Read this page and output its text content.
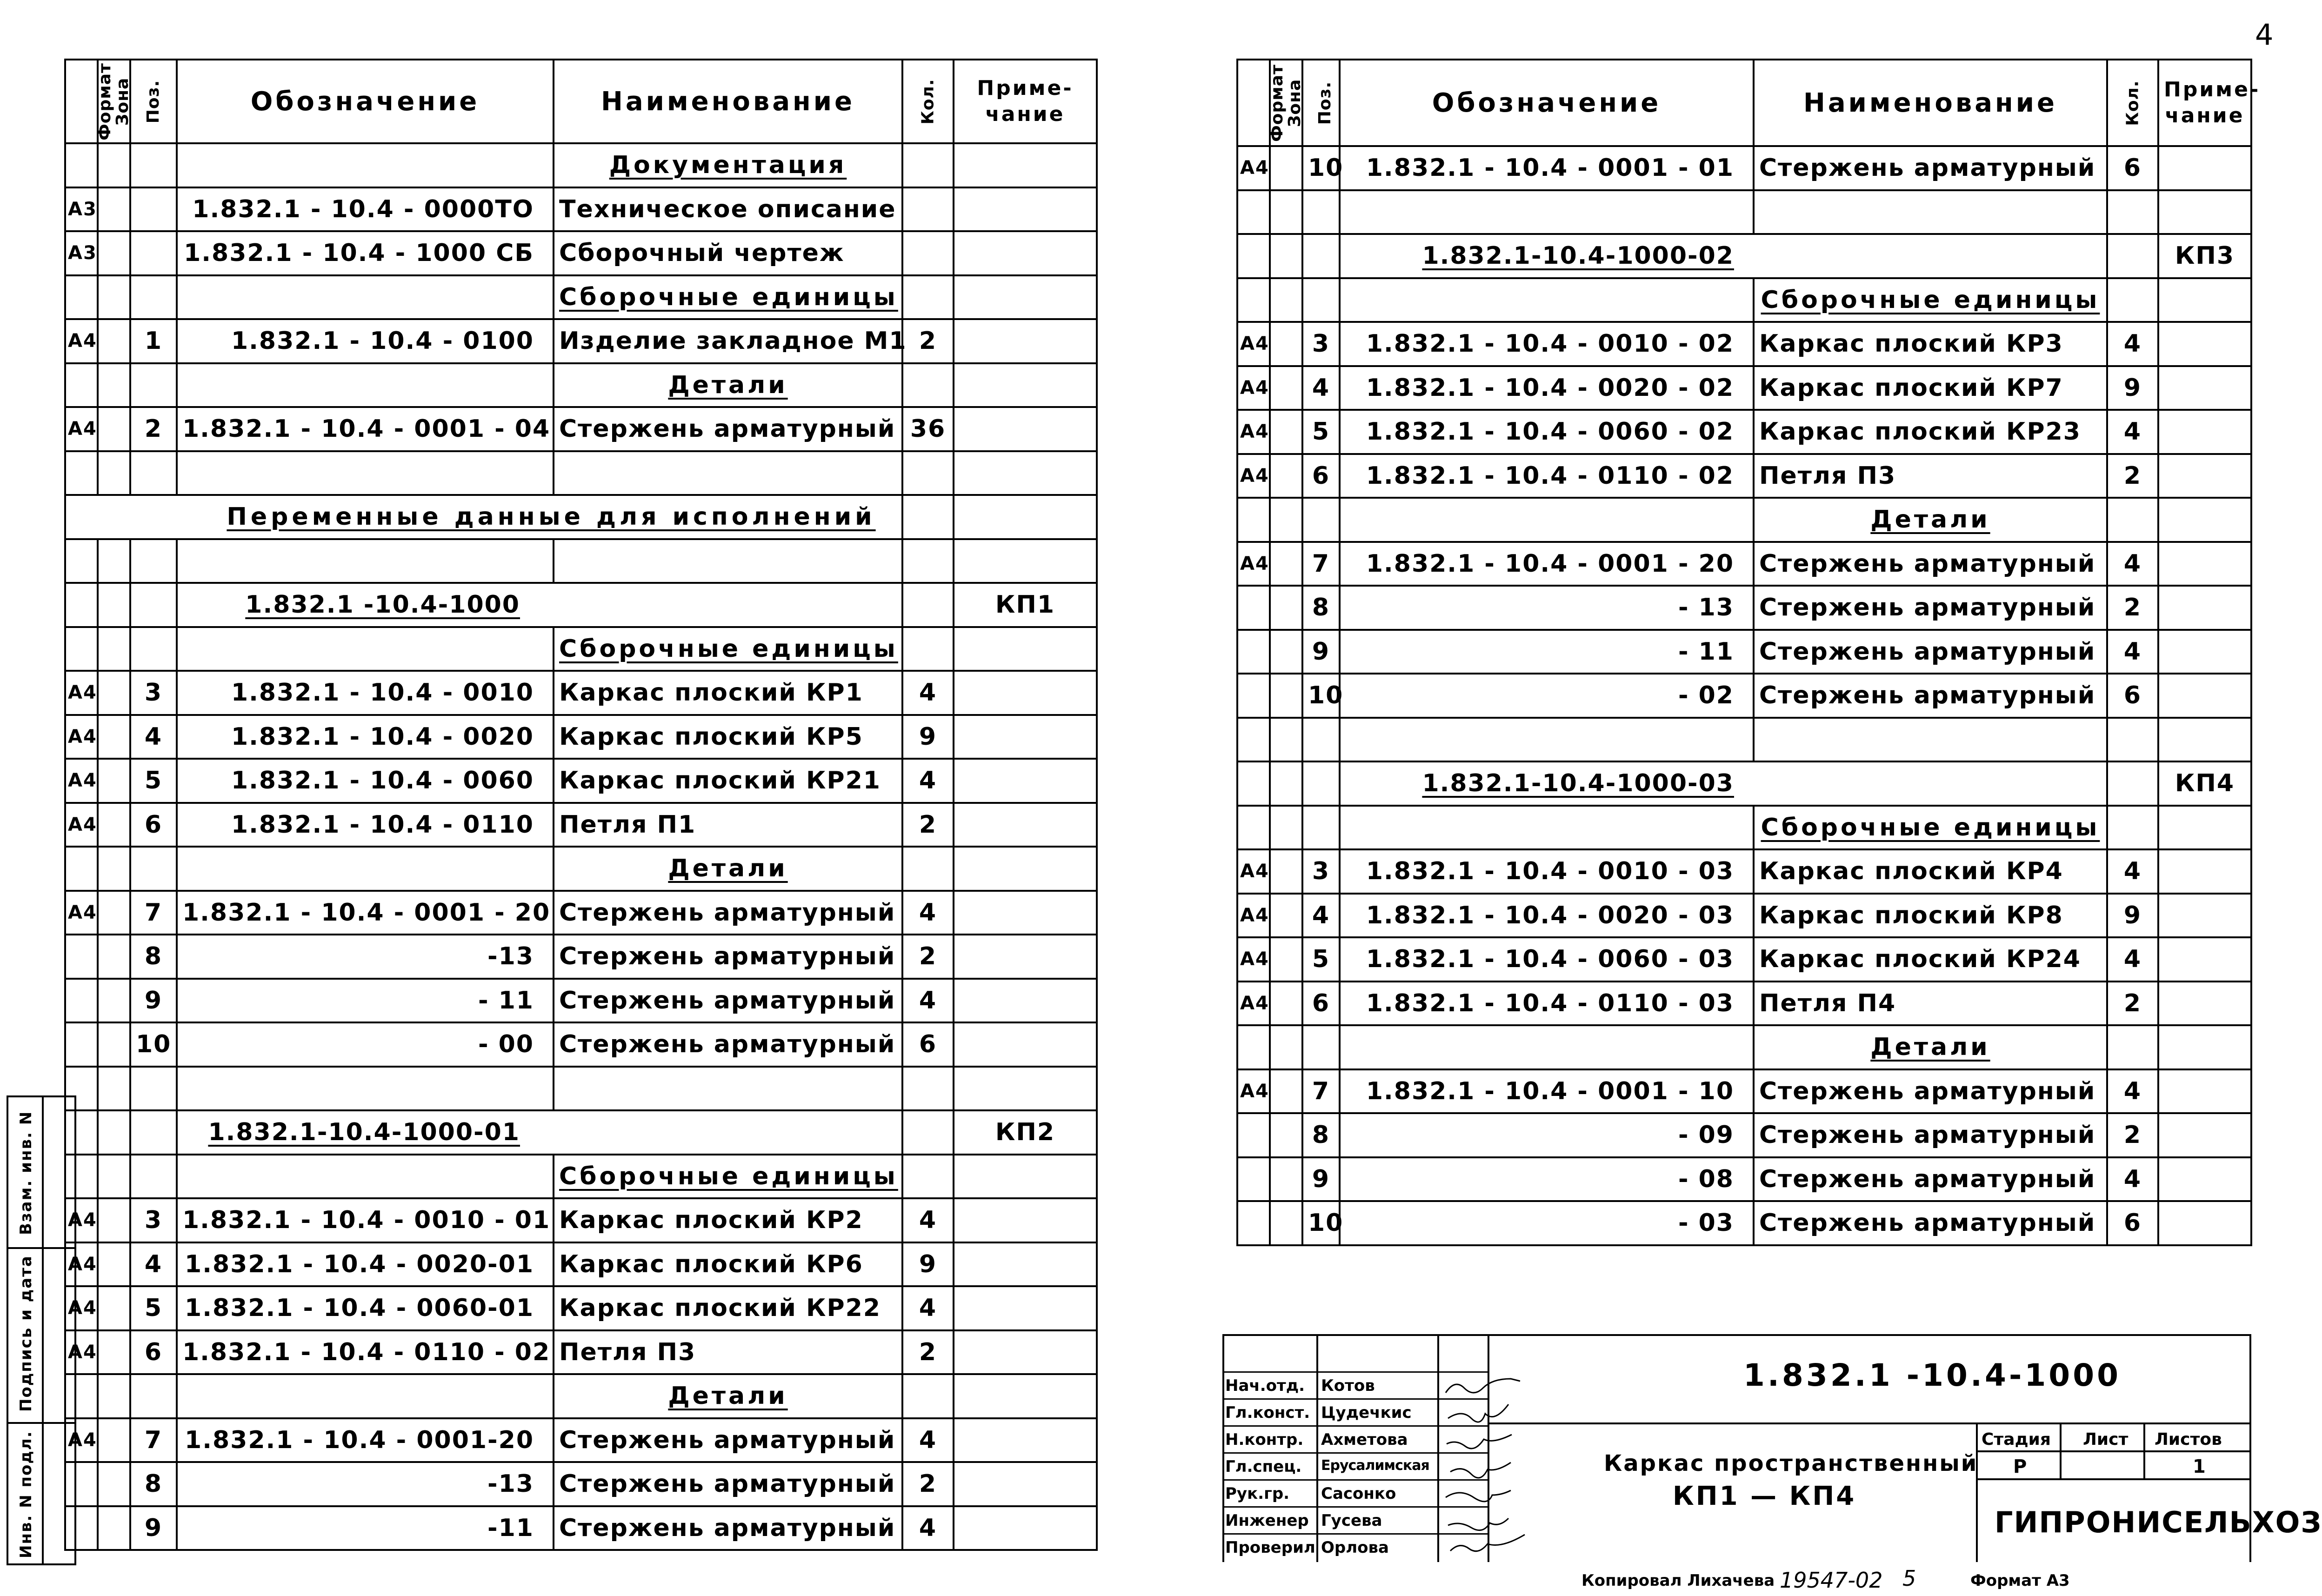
4
Формат	Зона	Поз.	Обозначение	Наименование	Кол.	Приме-
чание
				Документация		
А3			1.832.1 - 10.4 - 0000ТО	Техническое описание		
А3			1.832.1 - 10.4 - 1000 СБ	Сборочный чертеж		
				Сборочные единицы		
А4		1	1.832.1 - 10.4 - 0100	Изделие закладное М1	2	
				Детали		
А4		2	1.832.1 - 10.4 - 0001 - 04	Стержень арматурный	36	

Переменные данные для исполнений						

			1.832.1 -10.4-1000			КП1
				Сборочные единицы		
А4		3	1.832.1 - 10.4 - 0010	Каркас плоский КР1	4	
А4		4	1.832.1 - 10.4 - 0020	Каркас плоский КР5	9	
А4		5	1.832.1 - 10.4 - 0060	Каркас плоский КР21	4	
А4		6	1.832.1 - 10.4 - 0110	Петля П1	2	
				Детали		
А4		7	1.832.1 - 10.4 - 0001 - 20	Стержень арматурный	4	
		8	-13	Стержень арматурный	2	
		9	- 11	Стержень арматурный	4	
		10	- 00	Стержень арматурный	6	

			1.832.1-10.4-1000-01			КП2
				Сборочные единицы		
А4		3	1.832.1 - 10.4 - 0010 - 01	Каркас плоский КР2	4	
А4		4	1.832.1 - 10.4 - 0020-01	Каркас плоский КР6	9	
А4		5	1.832.1 - 10.4 - 0060-01	Каркас плоский КР22	4	
А4		6	1.832.1 - 10.4 - 0110 - 02	Петля П3	2	
				Детали		
А4		7	1.832.1 - 10.4 - 0001-20	Стержень арматурный	4	
		8	-13	Стержень арматурный	2	
		9	-11	Стержень арматурный	4	
Формат	Зона	Поз.	Обозначение	Наименование	Кол.	Приме-
чание
А4		10	1.832.1 - 10.4 - 0001 - 01	Стержень арматурный	6	

			1.832.1-10.4-1000-02			КП3
				Сборочные единицы		
А4		3	1.832.1 - 10.4 - 0010 - 02	Каркас плоский КР3	4	
А4		4	1.832.1 - 10.4 - 0020 - 02	Каркас плоский КР7	9	
А4		5	1.832.1 - 10.4 - 0060 - 02	Каркас плоский КР23	4	
А4		6	1.832.1 - 10.4 - 0110 - 02	Петля П3	2	
				Детали		
А4		7	1.832.1 - 10.4 - 0001 - 20	Стержень арматурный	4	
		8	- 13	Стержень арматурный	2	
		9	- 11	Стержень арматурный	4	
		10	- 02	Стержень арматурный	6	

			1.832.1-10.4-1000-03			КП4
				Сборочные единицы		
А4		3	1.832.1 - 10.4 - 0010 - 03	Каркас плоский КР4	4	
А4		4	1.832.1 - 10.4 - 0020 - 03	Каркас плоский КР8	9	
А4		5	1.832.1 - 10.4 - 0060 - 03	Каркас плоский КР24	4	
А4		6	1.832.1 - 10.4 - 0110 - 03	Петля П4	2	
				Детали		
А4		7	1.832.1 - 10.4 - 0001 - 10	Стержень арматурный	4	
		8	- 09	Стержень арматурный	2	
		9	- 08	Стержень арматурный	4	
		10	- 03	Стержень арматурный	6	
Взам. инв. N
Подпись и дата
Инв. N подл.
Нач.отд. Котов
Гл.конст. Цудечкис
Н.контр. Ахметова
Гл.спец. Ерусалимская
Рук.гр. Сасонко
Инженер Гусева
Проверил Орлова
1.832.1 -10.4-1000
Каркас пространственный
КП1 — КП4
Стадия Лист Листов
Р	1
ГИПРОНИСЕЛЬХОЗ
Копировал Лихачева 19547-02 5	Формат А3
